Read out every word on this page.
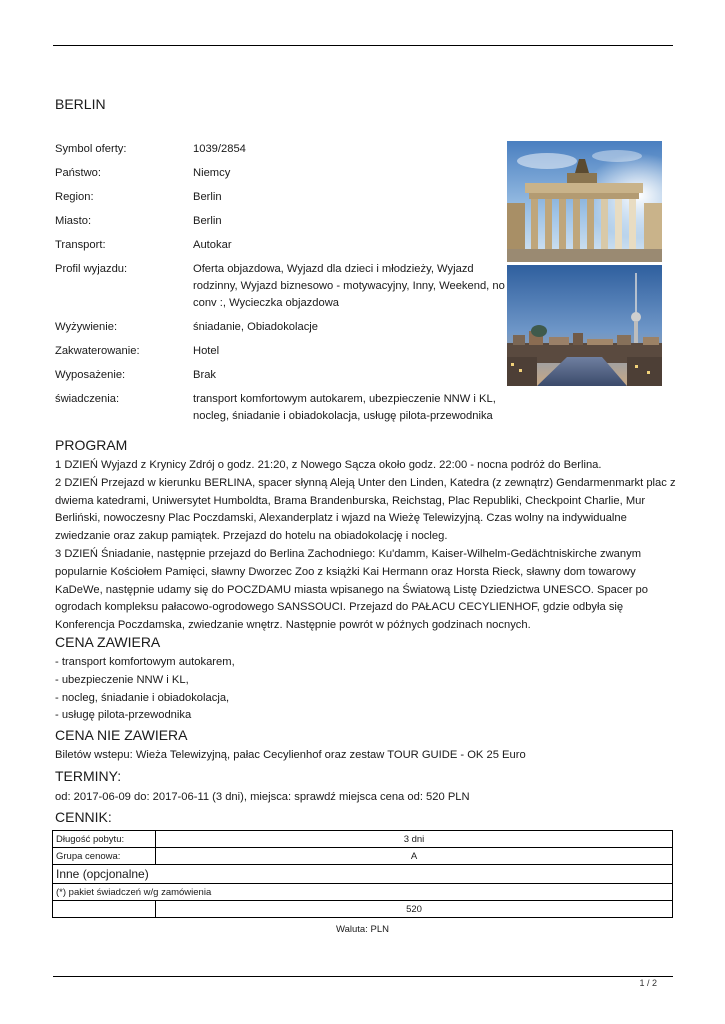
BERLIN
Symbol oferty:	1039/2854
Państwo:	Niemcy
Region:	Berlin
Miasto:	Berlin
Transport:	Autokar
Profil wyjazdu:	Oferta objazdowa, Wyjazd dla dzieci i młodzieży, Wyjazd rodzinny, Wyjazd biznesowo - motywacyjny, Inny, Weekend, no conv :, Wycieczka objazdowa
Wyżywienie:	śniadanie, Obiadokolacje
Zakwaterowanie:	Hotel
Wyposażenie:	Brak
świadczenia:	transport komfortowym autokarem, ubezpieczenie NNW i KL, nocleg, śniadanie i obiadokolacja, usługę pilota-przewodnika
PROGRAM

1 DZIEŃ Wyjazd z Krynicy Zdrój o godz. 21:20, z Nowego Sącza około godz. 22:00 - nocna podróż do Berlina.

2 DZIEŃ Przejazd w kierunku BERLINA, spacer słynną Aleją Unter den Linden, Katedra (z zewnątrz) Gendarmenmarkt plac z dwiema katedrami, Uniwersytet Humboldta, Brama Brandenburska, Reichstag, Plac Republiki, Checkpoint Charlie, Mur Berliński, nowoczesny Plac Poczdamski, Alexanderplatz i wjazd na Wieżę Telewizyjną. Czas wolny na indywidualne zwiedzanie oraz zakup pamiątek. Przejazd do hotelu na obiadokolację i nocleg.

3 DZIEŃ Śniadanie, następnie przejazd do Berlina Zachodniego: Ku'damm, Kaiser-Wilhelm-Gedächtniskirche zwanym popularnie Kościołem Pamięci, sławny Dworzec Zoo z książki Kai Hermann oraz Horsta Rieck, sławny dom towarowy KaDeWe, następnie udamy się do POCZDAMU miasta wpisanego na Światową Listę Dziedzictwa UNESCO. Spacer po ogrodach kompleksu pałacowo-ogrodowego SANSSOUCI. Przejazd do PAŁACU CECYLIENHOF, gdzie odbyła się Konferencja Poczdamska, zwiedzanie wnętrz. Następnie powrót w późnych godzinach nocnych.

CENA ZAWIERA

- transport komfortowym autokarem,

- ubezpieczenie NNW i KL,

- nocleg, śniadanie i obiadokolacja,

- usługę pilota-przewodnika

CENA NIE ZAWIERA
Biletów wstepu: Wieża Telewizyjną, pałac Cecylienhof oraz zestaw TOUR GUIDE - OK 25 Euro
TERMINY:
od: 2017-06-09 do: 2017-06-11 (3 dni), miejsca: sprawdź miejsca cena od: 520 PLN
CENNIK:
Długość pobytu:	3 dni
Grupa cenowa:	A
Inne (opcjonalne)	
(*) pakiet świadczeń w/g zamówienia	
	520
Waluta: PLN
1 / 2
